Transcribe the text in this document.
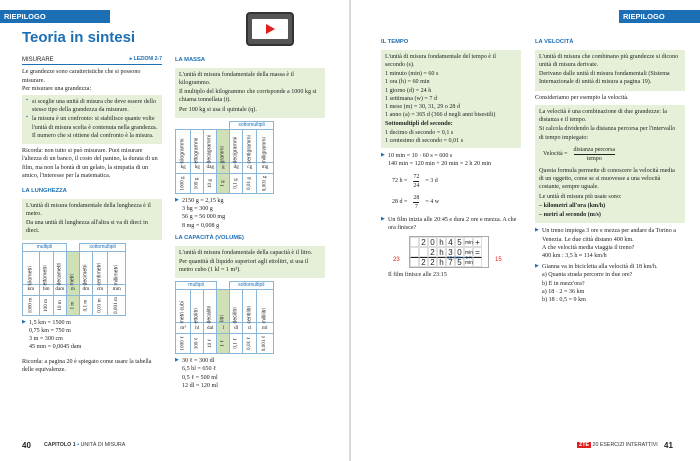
RIEPILOGO
Teoria in sintesi
MISURARE	▸ LEZIONI 2-7

Le grandezze sono caratteristiche che si possono misurare.

Per misurare una grandezza:

▪ si sceglie una unità di misura che deve essere dello stesso tipo della grandezza da misurare.
▪ la misura è un confronto: si stabilisce quante volte l'unità di misura scelta è contenuta nella grandezza. Il numero che si ottiene dal confronto è la misura.

Ricorda: non tutto si può misurare. Puoi misurare l'altezza di un banco, il costo del panino, la durata di un film, ma non la bontà di un gelato, la simpatia di un amico, l'interesse per la matematica.

LA LUNGHEZZA

L'unità di misura fondamentale della lunghezza è il metro.

Da una unità di lunghezza all'altra si va di dieci in dieci.

multipli				sottomultipli		
kilometri	ettometri	decametri	metri	decimetri	centimetri	millimetri
km	hm	dam	m	dm	cm	mm
1000 m	100 m	10 m	1 m	0,1 m	0,01 m	0,001 m
▶ 1,5 km = 1500 m
0,75 km = 750 m
3 m = 300 cm
45 mm = 0,0045 dam

Ricorda: a pagina 20 è spiegato come usare la tabella delle equivalenze.

LA MASSA

L'unità di misura fondamentale della massa è il kilogrammo.

Il multiplo del kilogrammo che corrisponde a 1000 kg si chiama tonnellata (t).

Per 100 kg si usa il quintale (q).

				sottomultipli		
kilogrammi	ettogrammi	decagrammi	grammi	decigrammi	centigrammi	milligrammi
kg	hg	dag	g	dg	cg	mg
1000 g	100 g	10 g	1 g	0,1 g	0,01 g	0,001 g
▶ 2150 g = 2,15 kg
3 hg = 300 g
56 g = 56 000 mg
8 mg = 0,008 g
LA CAPACITÀ (VOLUME)

L'unità di misura fondamentale della capacità è il litro.

Per quantità di liquido superiori agli ettolitri, si usa il metro cubo (1 kl = 1 m³).

multipli				sottomultipli		
metri cubi	ettolitri	decalitri	litri	decilitri	centilitri	millilitri
m³	hl	dal	l	dl	cl	ml
1000 ℓ	100 ℓ	10 ℓ	1 ℓ	0,1 ℓ	0,01 ℓ	0,001 ℓ
▶ 30 ℓ = 300 dl
6,5 hl = 650 ℓ
0,5 ℓ = 500 ml
12 dl = 120 ml
40 CAPITOLO 1 ▪ UNITÀ DI MISURA
RIEPILOGO
IL TEMPO

L'unità di misura fondamentale del tempo è il secondo (s).

1 minuto (min) = 60 s
1 ora (h) = 60 min
1 giorno (d) = 24 h
1 settimana (w) = 7 d
1 mese (m) = 30, 31, 29 o 28 d
1 anno (a) = 365 d (366 d negli anni bisestili)

Sottomultipli del secondo:

1 decimo di secondo = 0,1 s
1 centesimo di secondo = 0,01 s
▶ 10 min = 10 · 60 s = 600 s
140 min = 120 min + 20 min = 2 h 20 min
72 h =	
72
24
	= 3 d
28 d =	
28
7
	= 4 w

▶ Un film inizia alle 20:45 e dura 2 ore e mezza. A che ora finisce?

2 0 h 4 5 min +
2 h 3 0 min =
2 2 h 7 5 min
60 min = 1 h
23	15

Il film finisce alle 23:15

LA VELOCITÀ

L'unità di misura che combinano più grandezze si dicono unità di misura derivate.

Derivano dalle unità di misura fondamentali (Sistema Internazionale di unità di misura a pagina 19).

Consideriamo per esempio la velocità.

La velocità è una combinazione di due grandezze: la distanza e il tempo.

Si calcola dividendo la distanza percorsa per l'intervallo di tempo impiegato:

Velocità =	
distanza percorsa
tempo

Questa formula permette di conoscere la velocità media di un oggetto, come se si muovesse a una velocità costante, sempre uguale.

Le unità di misura più usate sono:

– kilometri all'ora (km/h)

– metri al secondo (m/s)

▶ Un treno impiega 3 ore e mezza per andare da Torino a Venezia. Le due città distano 400 km.

A che velocità media viaggia il treno?

400 km : 3,5 h ≈ 114 km/h

▶ Gianna va in bicicletta alla velocità di 18 km/h.

a) Quanta strada percorre in due ore?

b) E in mezz'ora?

a) 18 · 2 = 36 km

b) 18 : 0,5 = 9 km

ZTE 20 ESERCIZI INTERATTIVI 41
